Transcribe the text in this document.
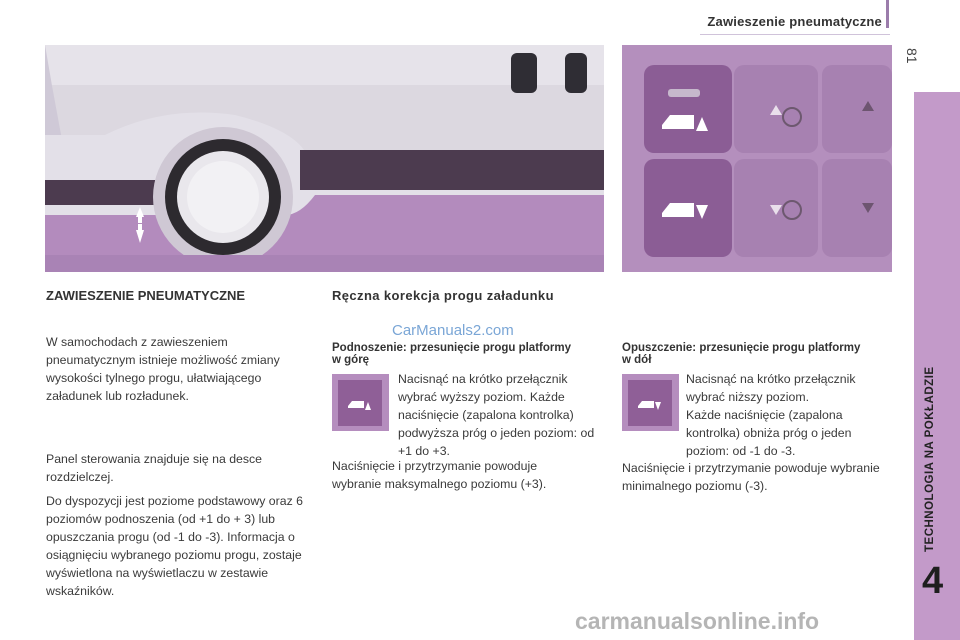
Zawieszenie pneumatyczne
81
TECHNOLOGIA NA POKŁADZIE
4
ZAWIESZENIE PNEUMATYCZNE	Ręczna korekcja progu załadunku
CarManuals2.com

W samochodach z zawieszeniem pneumatycznym istnieje możliwość zmiany wysokości tylnego progu, ułatwiającego załadunek lub rozładunek.

Panel sterowania znajduje się na desce rozdzielczej.

Do dyspozycji jest poziome podstawowy oraz 6 poziomów podnoszenia (od +1 do + 3) lub opuszczania progu (od -1 do -3). Informacja o osiągnięciu wybranego poziomu progu, zostaje wyświetlona na wyświetlaczu w zestawie wskaźników.

Podnoszenie: przesunięcie progu platformy w górę

Nacisnąć na krótko przełącznik wybrać wyższy poziom. Każde naciśnięcie (zapalona kontrolka) podwyższa próg o jeden poziom: od +1 do +3.

Naciśnięcie i przytrzymanie powoduje wybranie maksymalnego poziomu (+3).

Opuszczenie: przesunięcie progu platformy w dół

Nacisnąć na krótko przełącznik wybrać niższy poziom.

Każde naciśnięcie (zapalona kontrolka) obniża próg o jeden poziom: od -1 do -3.

Naciśnięcie i przytrzymanie powoduje wybranie minimalnego poziomu (-3).

carmanualsonline.info
